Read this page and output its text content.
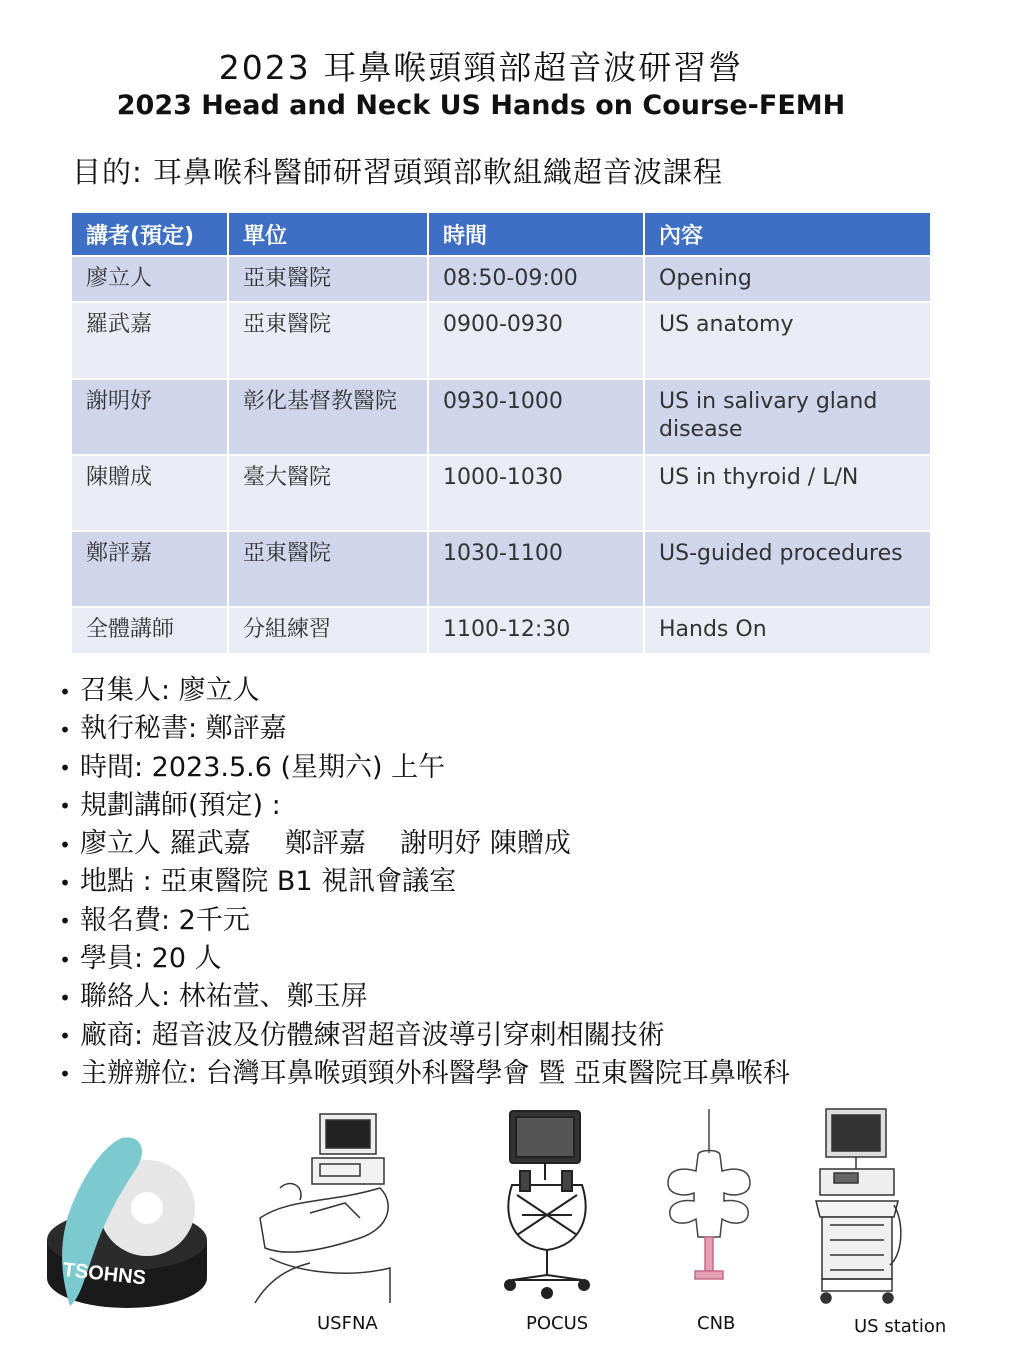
2023 耳鼻喉頭頸部超音波研習營
2023 Head and Neck US Hands on Course-FEMH
目的: 耳鼻喉科醫師研習頭頸部軟組織超音波課程
講者(預定)	單位	時間	內容
廖立人	亞東醫院	08:50-09:00	Opening
羅武嘉	亞東醫院	0900-0930	US anatomy
謝明妤	彰化基督教醫院	0930-1000	US in salivary gland disease
陳贈成	臺大醫院	1000-1030	US in thyroid / L/N
鄭評嘉	亞東醫院	1030-1100	US-guided procedures
全體講師	分組練習	1100-12:30	Hands On
• 召集人: 廖立人
• 執行秘書: 鄭評嘉
• 時間: 2023.5.6 (星期六) 上午
• 規劃講師(預定) :
• 廖立人 羅武嘉    鄭評嘉    謝明妤 陳贈成
• 地點 : 亞東醫院 B1 視訊會議室
• 報名費: 2千元
• 學員: 20 人
• 聯絡人: 林祐萱、鄭玉屏
• 廠商: 超音波及仿體練習超音波導引穿刺相關技術
• 主辦辦位: 台灣耳鼻喉頭頸外科醫學會 暨 亞東醫院耳鼻喉科
TSOHNS
USFNA	POCUS	CNB	US station
